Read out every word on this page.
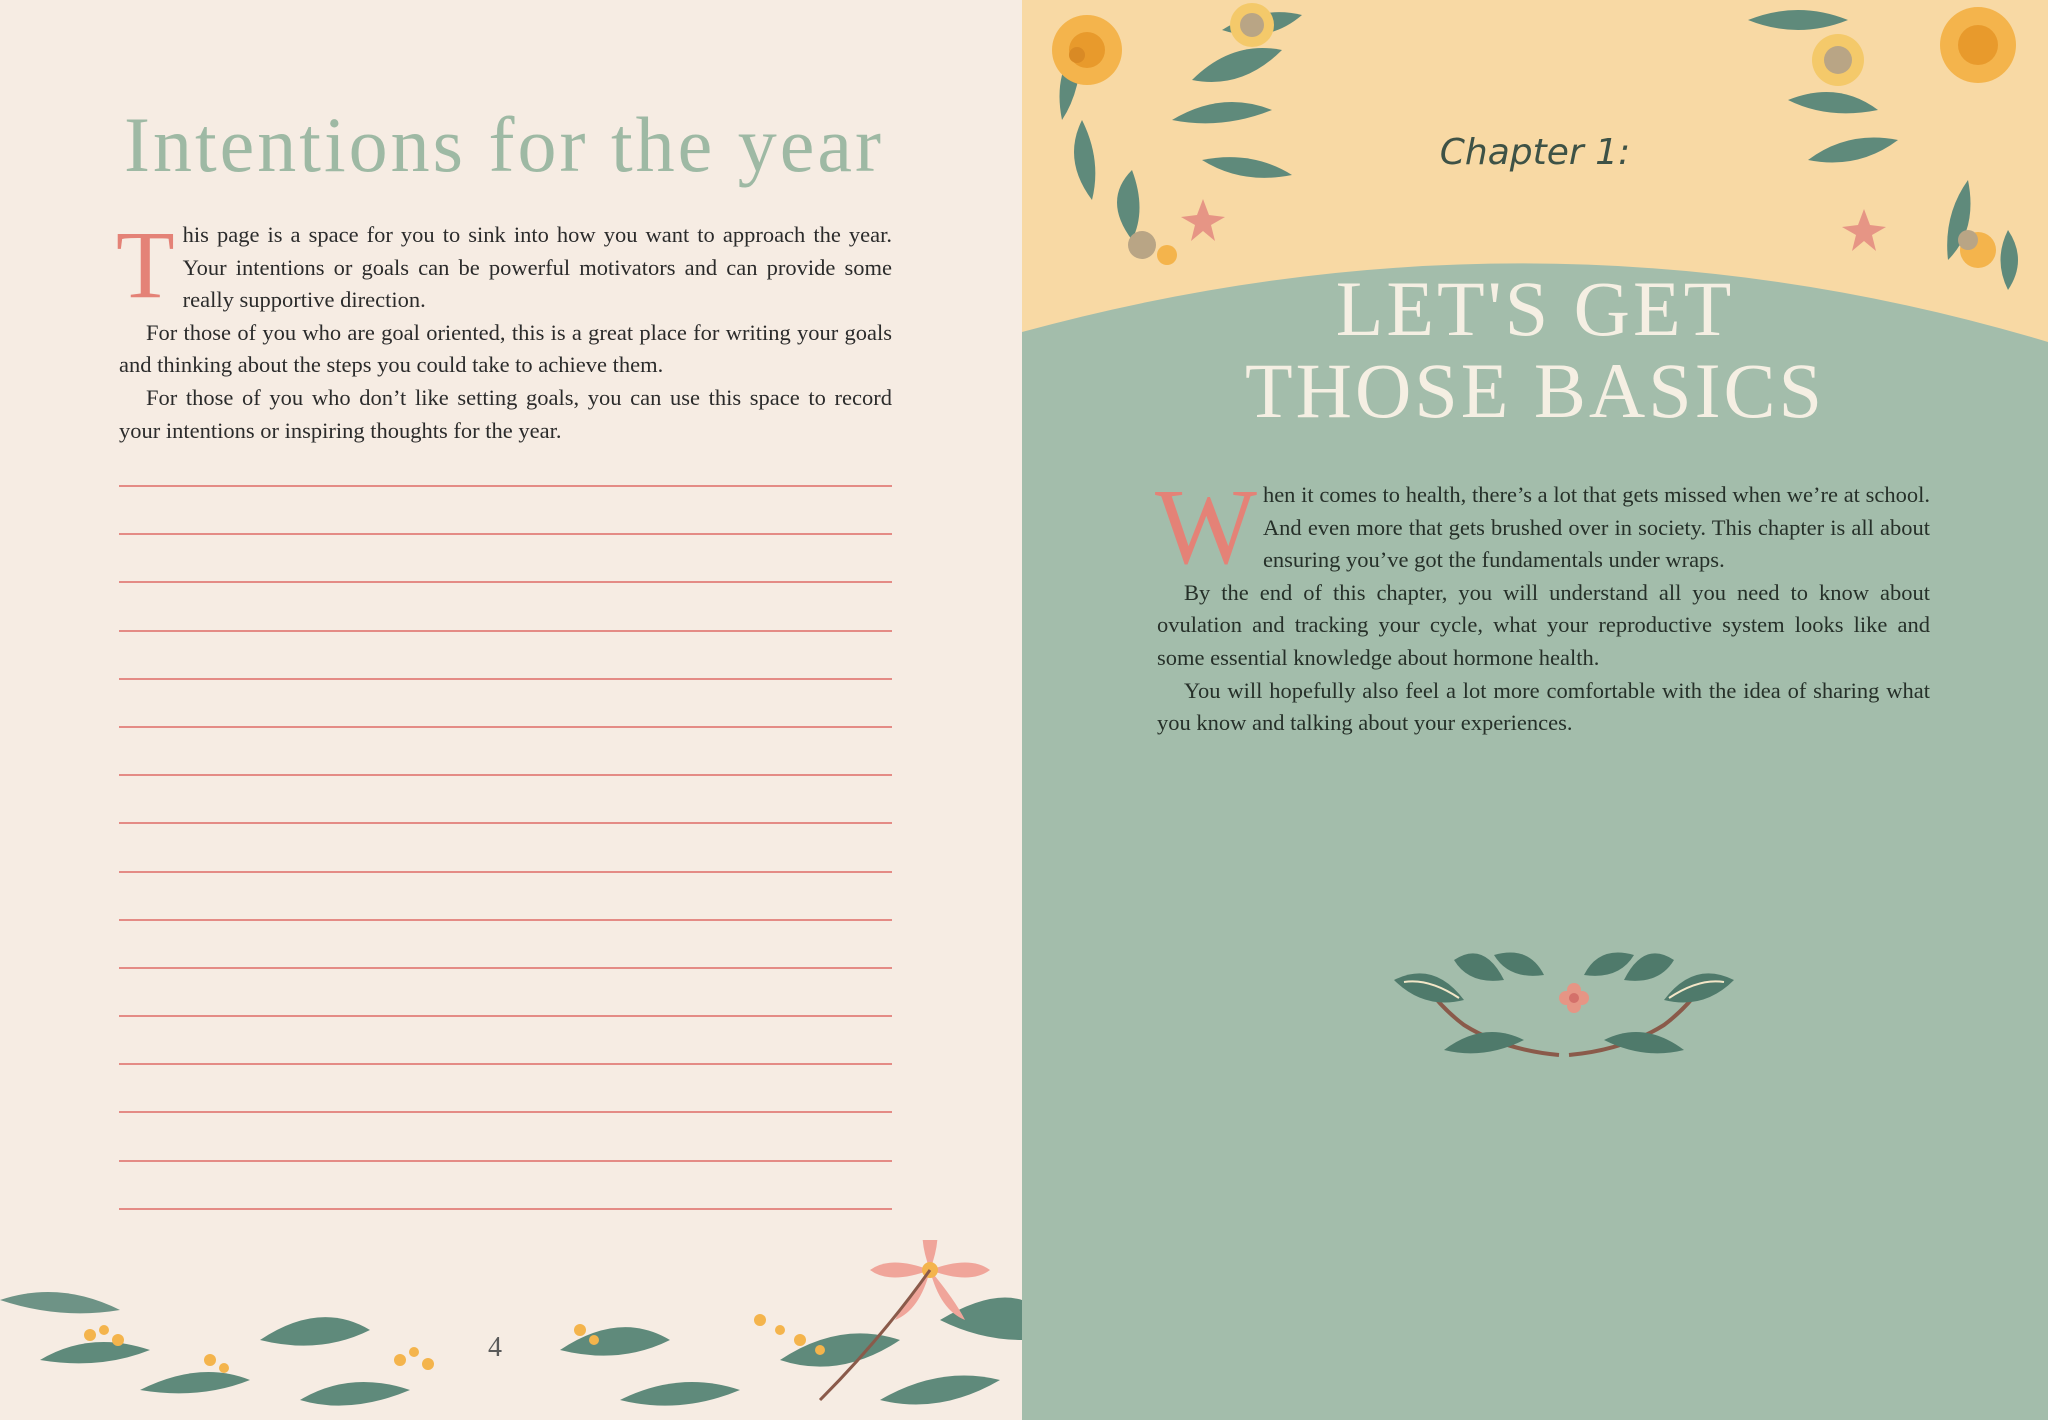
Intentions for the year

This page is a space for you to sink into how you want to approach the year. Your intentions or goals can be powerful motivators and can provide some really supportive direction.

For those of you who are goal oriented, this is a great place for writing your goals and thinking about the steps you could take to achieve them.

For those of you who don’t like setting goals, you can use this space to record your intentions or inspiring thoughts for the year.

4
Chapter 1:
LET'S GET
THOSE BASICS

When it comes to health, there’s a lot that gets missed when we’re at school. And even more that gets brushed over in society. This chapter is all about ensuring you’ve got the fundamentals under wraps.

By the end of this chapter, you will understand all you need to know about ovulation and tracking your cycle, what your reproductive system looks like and some essential knowledge about hormone health.

You will hopefully also feel a lot more comfortable with the idea of sharing what you know and talking about your experiences.
